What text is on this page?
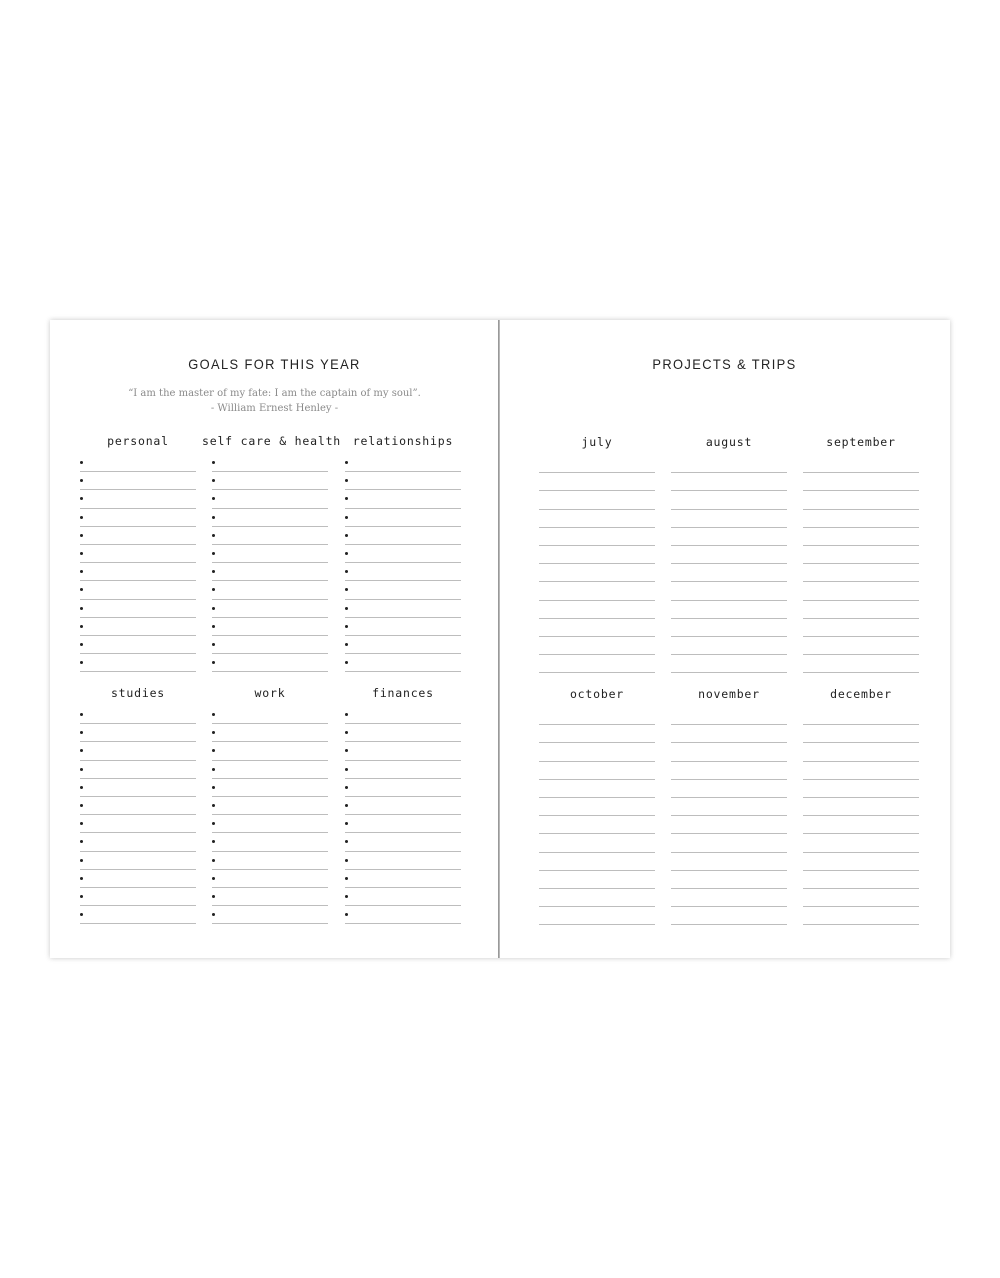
GOALS FOR THIS YEAR
“I am the master of my fate: I am the captain of my soul”.
- William Ernest Henley -
personal	self care & health	relationships
studies	work	finances
PROJECTS & TRIPS
july	august	september
october	november	december
